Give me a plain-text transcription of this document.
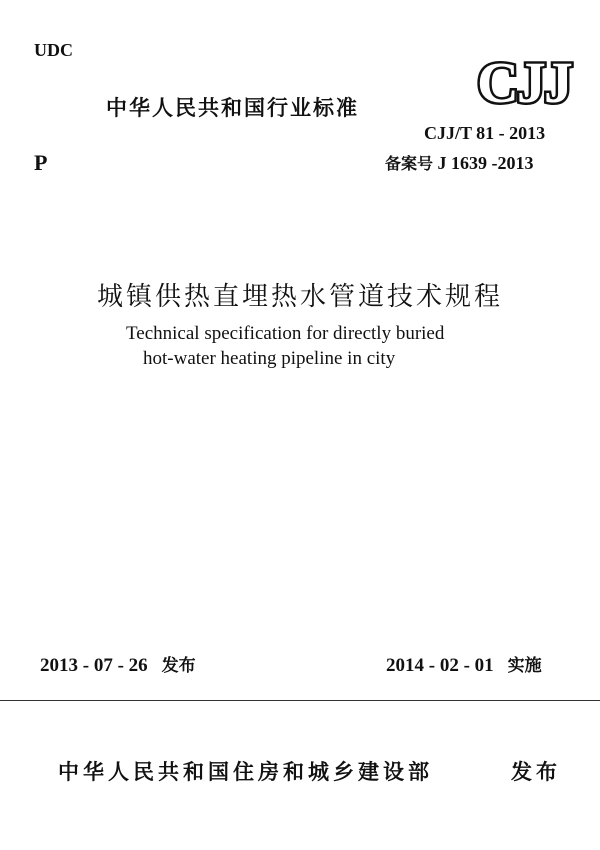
UDC
中华人民共和国行业标准 CJJ
CJJ/T 81 - 2013
P	备案号 J 1639 -2013
城镇供热直埋热水管道技术规程
Technical specification for directly buried
hot-water heating pipeline in city
2013 - 07 - 26 发布	2014 - 02 - 01 实施
中华人民共和国住房和城乡建设部	发布
